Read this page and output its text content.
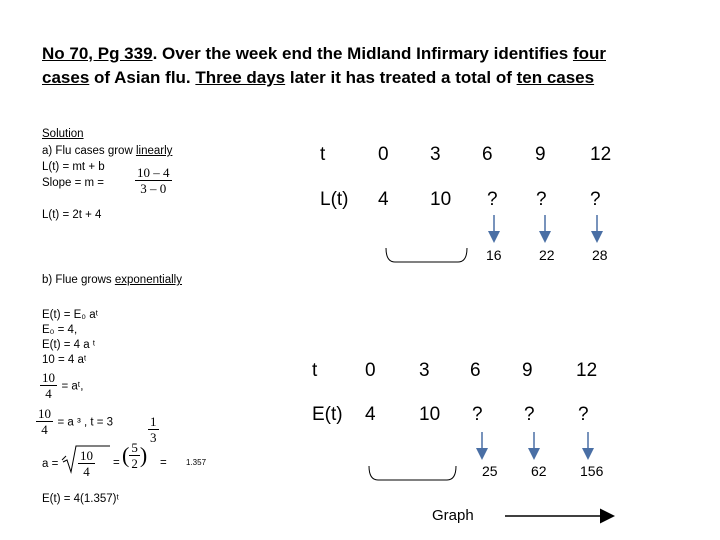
No 70, Pg 339. Over the week end the Midland Infirmary identifies four
cases of Asian flu. Three days later it has treated a total of ten cases
Solution
a) Flu cases grow linearly
L(t) = mt + b
Slope = $m = \frac{10 - 4}{3 - 0}$
L(t) = 2t + 4
t	0 3 6 9 12
L(t) 4 10 ? ? ?
16	22	28
b) Flue grows exponentially
E(t) = E₀ aᵗ
E₀ = 4,
E(t) = 4 a ᵗ
10 = 4 aᵗ
$\frac{10}{4}$ = aᵗ,
$\frac{10}{4} = a$ ³ , t = 3	$\frac{1}{3}$
a =	= ( $\frac{5}{2}$ ) = 1.357
E(t) = 4(1.357)ᵗ
t	0 3 6 9 12
E(t) 4 10 ? ? ?
25 62 156
$\frac{10}{4}$
Graph
